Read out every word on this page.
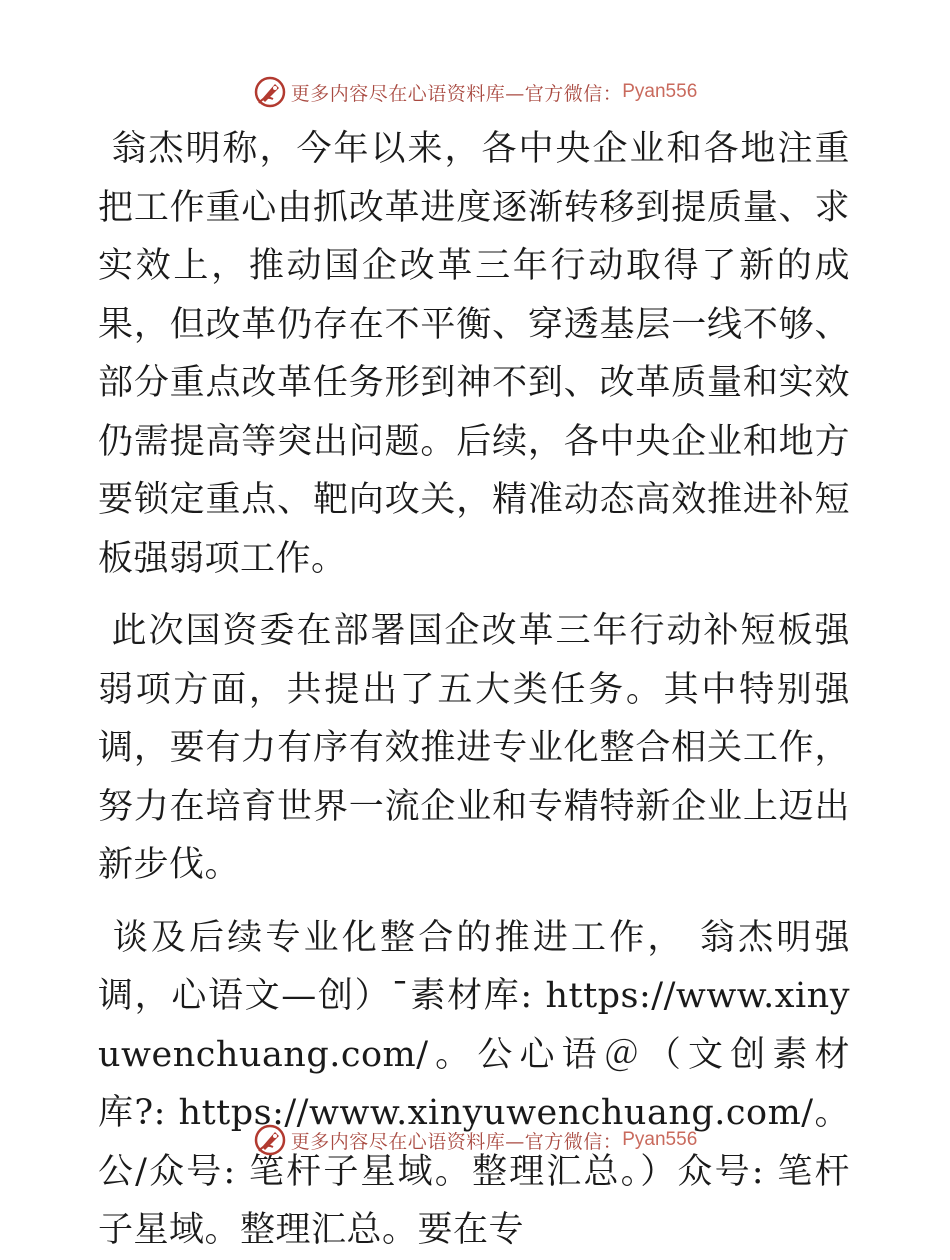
更多内容尽在心语资料库—官方微信： Pyan556

翁杰明称，今年以来，各中央企业和各地注重把工作重心由抓改革进度逐渐转移到提质量、求实效上，推动国企改革三年行动取得了新的成果，但改革仍存在不平衡、穿透基层一线不够、部分重点改革任务形到神不到、改革质量和实效仍需提高等突出问题。后续，各中央企业和地方要锁定重点、靶向攻关，精准动态高效推进补短板强弱项工作。

此次国资委在部署国企改革三年行动补短板强弱项方面，共提出了五大类任务。其中特别强调，要有力有序有效推进专业化整合相关工作，努力在培育世界一流企业和专精特新企业上迈出新步伐。

谈及后续专业化整合的推进工作， 翁杰明强调，心语文—创）¯素材库: https://www.xinyuwenchuang.com/。公心语＠（文创素材库?: https://www.xinyuwenchuang.com/。公/众号: 笔杆子星域。整理汇总。）众号: 笔杆子星域。整理汇总。要在专

更多内容尽在心语资料库—官方微信： Pyan556
